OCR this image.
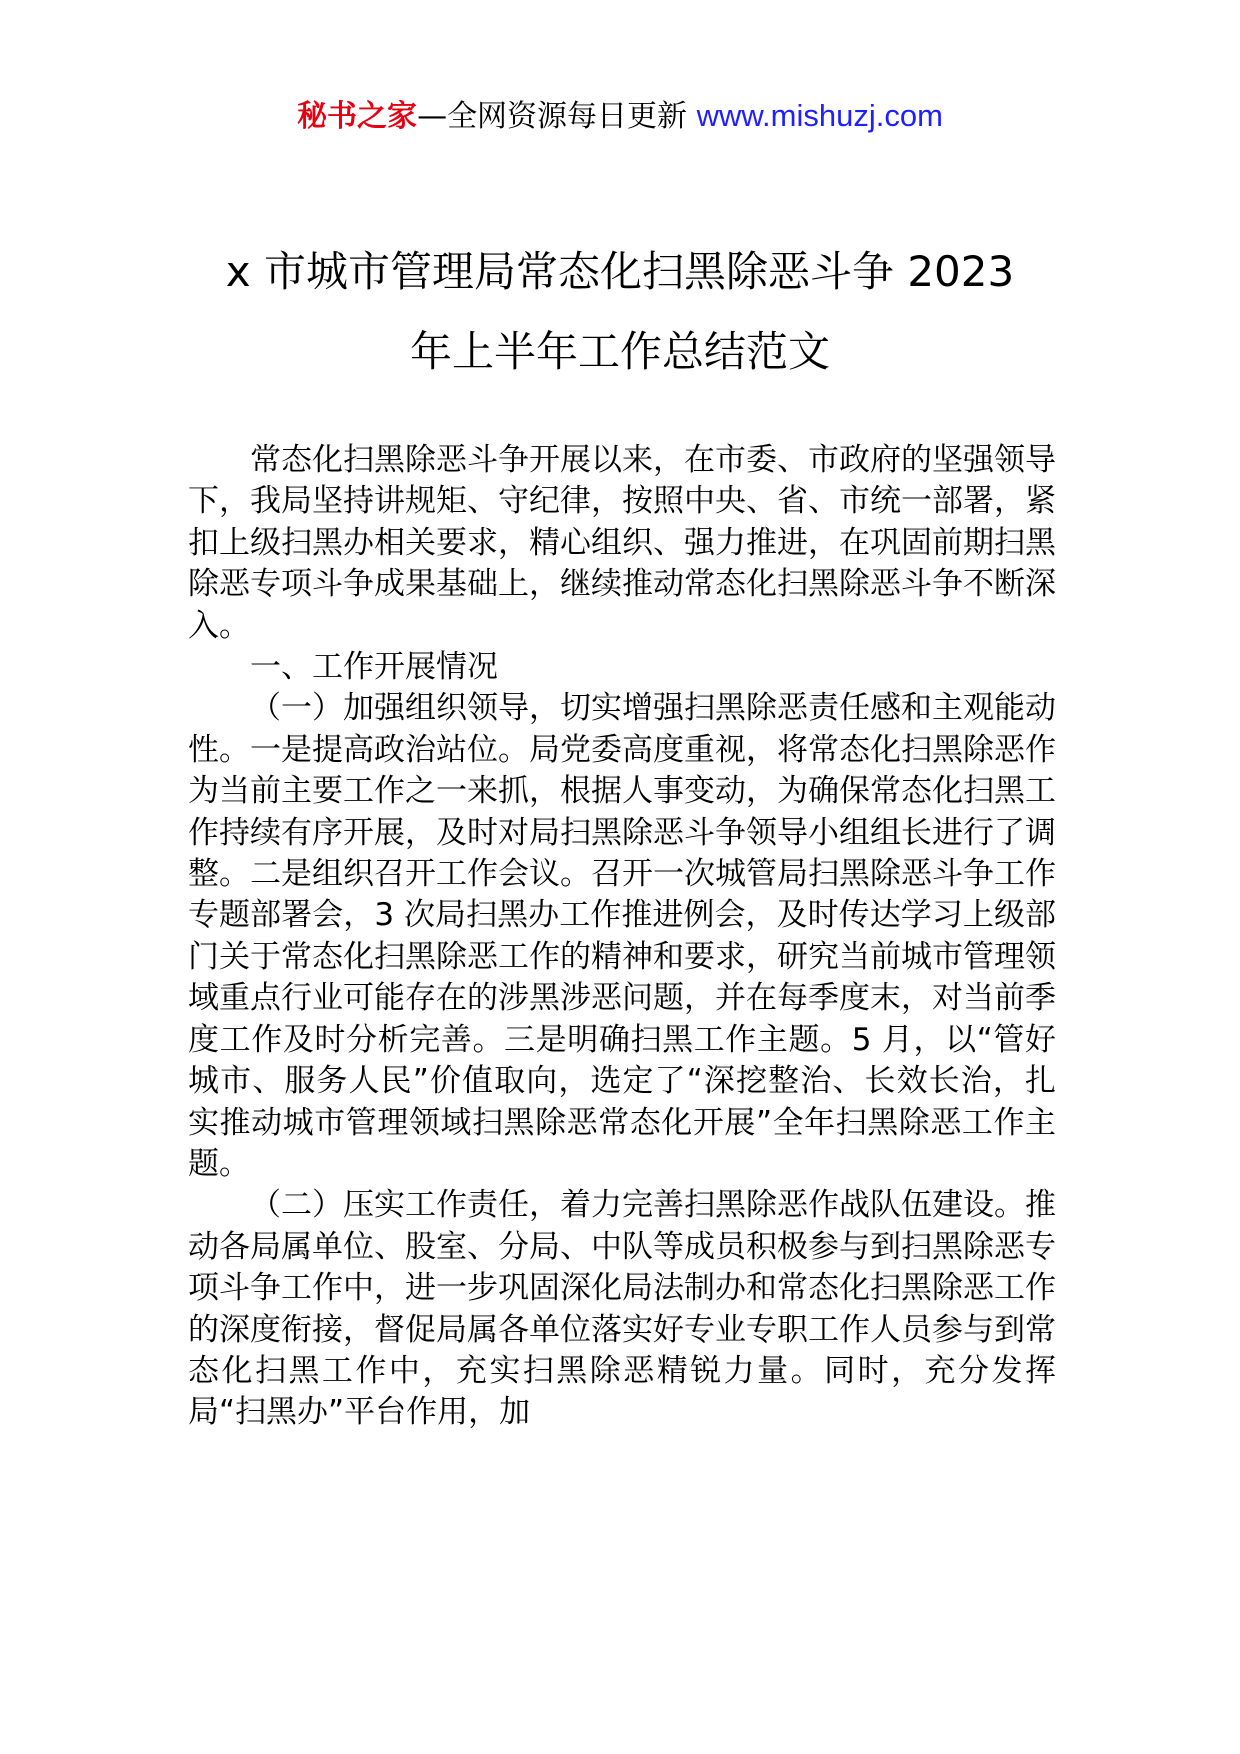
秘书之家—全网资源每日更新 www.mishuzj.com
x 市城市管理局常态化扫黑除恶斗争 2023
年上半年工作总结范文

常态化扫黑除恶斗争开展以来，在市委、市政府的坚强领导下，我局坚持讲规矩、守纪律，按照中央、省、市统一部署，紧扣上级扫黑办相关要求，精心组织、强力推进，在巩固前期扫黑除恶专项斗争成果基础上，继续推动常态化扫黑除恶斗争不断深入。

一、工作开展情况

（一）加强组织领导，切实增强扫黑除恶责任感和主观能动性。一是提高政治站位。局党委高度重视，将常态化扫黑除恶作为当前主要工作之一来抓，根据人事变动，为确保常态化扫黑工作持续有序开展，及时对局扫黑除恶斗争领导小组组长进行了调整。二是组织召开工作会议。召开一次城管局扫黑除恶斗争工作专题部署会，3 次局扫黑办工作推进例会，及时传达学习上级部门关于常态化扫黑除恶工作的精神和要求，研究当前城市管理领域重点行业可能存在的涉黑涉恶问题，并在每季度末，对当前季度工作及时分析完善。三是明确扫黑工作主题。5 月，以“管好城市、服务人民”价值取向，选定了“深挖整治、长效长治，扎实推动城市管理领域扫黑除恶常态化开展”全年扫黑除恶工作主题。

（二）压实工作责任，着力完善扫黑除恶作战队伍建设。推动各局属单位、股室、分局、中队等成员积极参与到扫黑除恶专项斗争工作中，进一步巩固深化局法制办和常态化扫黑除恶工作的深度衔接，督促局属各单位落实好专业专职工作人员参与到常态化扫黑工作中，充实扫黑除恶精锐力量。同时，充分发挥局“扫黑办”平台作用，加
